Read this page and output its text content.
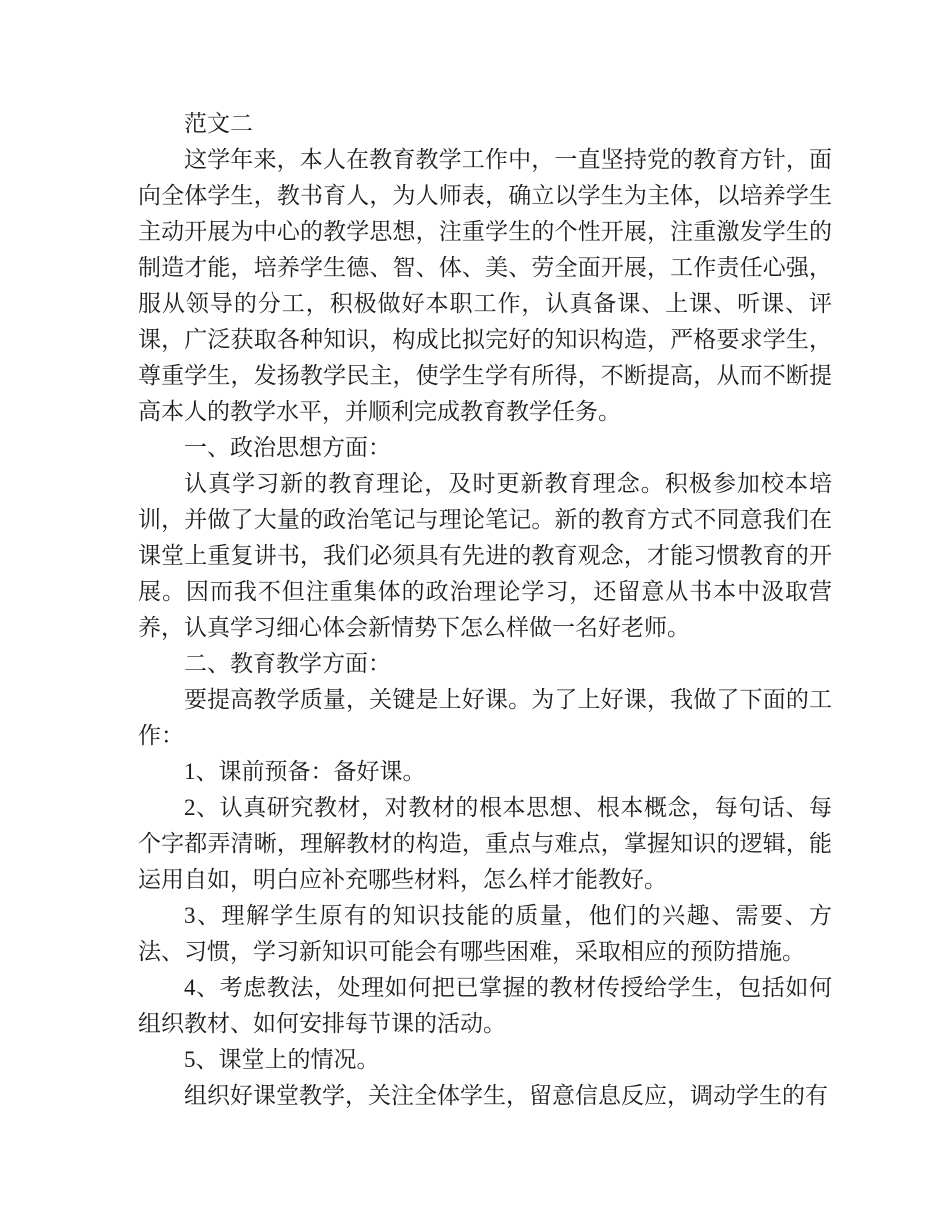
范文二

这学年来，本人在教育教学工作中，一直坚持党的教育方针，面向全体学生，教书育人，为人师表，确立以学生为主体，以培养学生主动开展为中心的教学思想，注重学生的个性开展，注重激发学生的制造才能，培养学生德、智、体、美、劳全面开展，工作责任心强，服从领导的分工，积极做好本职工作，认真备课、上课、听课、评课，广泛获取各种知识，构成比拟完好的知识构造，严格要求学生，尊重学生，发扬教学民主，使学生学有所得，不断提高，从而不断提高本人的教学水平，并顺利完成教育教学任务。

一、政治思想方面：

认真学习新的教育理论，及时更新教育理念。积极参加校本培训，并做了大量的政治笔记与理论笔记。新的教育方式不同意我们在课堂上重复讲书，我们必须具有先进的教育观念，才能习惯教育的开展。因而我不但注重集体的政治理论学习，还留意从书本中汲取营养，认真学习细心体会新情势下怎么样做一名好老师。

二、教育教学方面：

要提高教学质量，关键是上好课。为了上好课，我做了下面的工作：

1、课前预备：备好课。

2、认真研究教材，对教材的根本思想、根本概念，每句话、每个字都弄清晰，理解教材的构造，重点与难点，掌握知识的逻辑，能运用自如，明白应补充哪些材料，怎么样才能教好。

3、理解学生原有的知识技能的质量，他们的兴趣、需要、方法、习惯，学习新知识可能会有哪些困难，采取相应的预防措施。

4、考虑教法，处理如何把已掌握的教材传授给学生，包括如何组织教材、如何安排每节课的活动。

5、课堂上的情况。

组织好课堂教学，关注全体学生，留意信息反应，调动学生的有
